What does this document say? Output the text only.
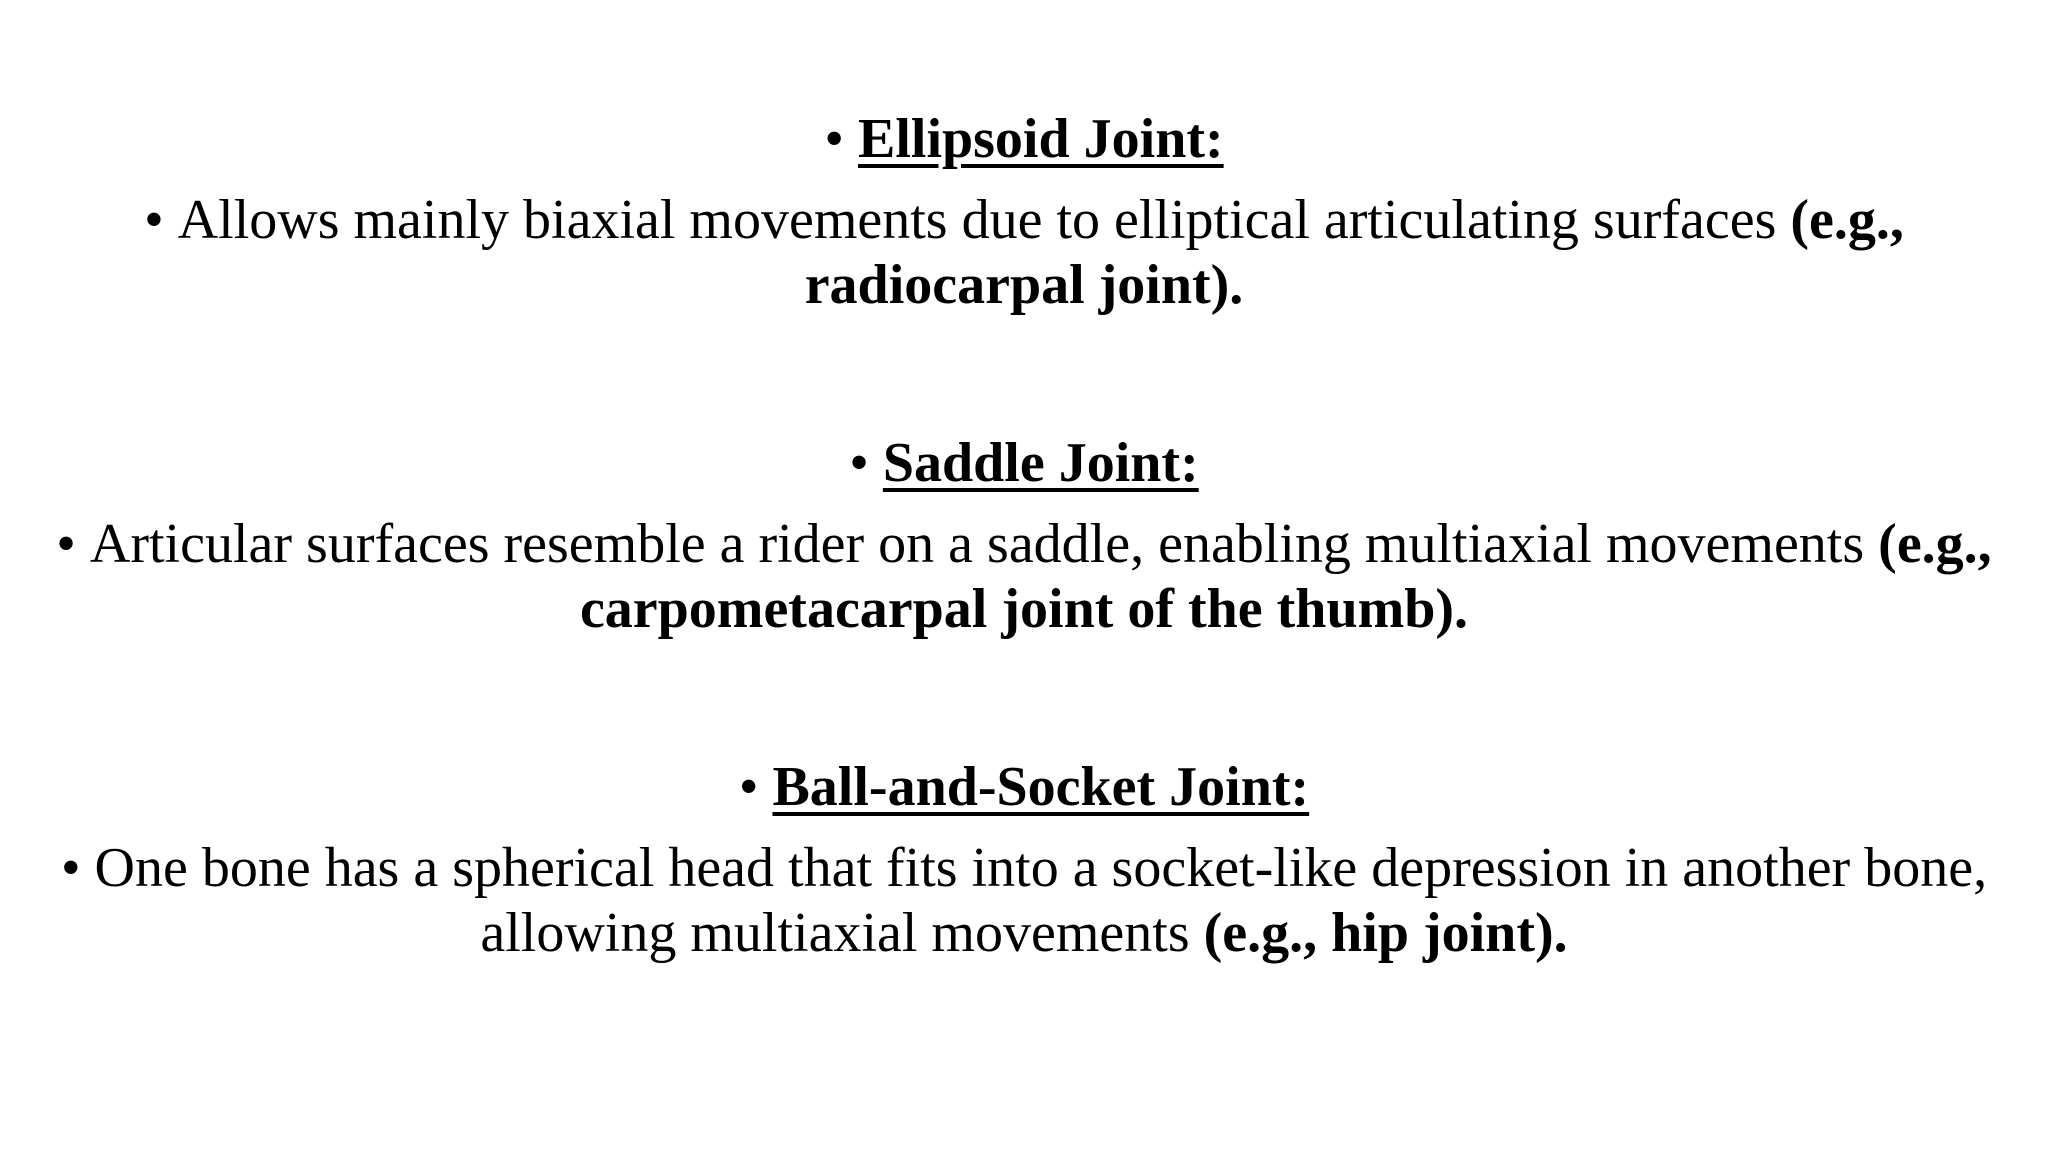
• Ellipsoid Joint:
• Allows mainly biaxial movements due to elliptical articulating surfaces (e.g., radiocarpal joint).
• Saddle Joint:
• Articular surfaces resemble a rider on a saddle, enabling multiaxial movements (e.g., carpometacarpal joint of the thumb).
• Ball-and-Socket Joint:
• One bone has a spherical head that fits into a socket-like depression in another bone, allowing multiaxial movements (e.g., hip joint).
